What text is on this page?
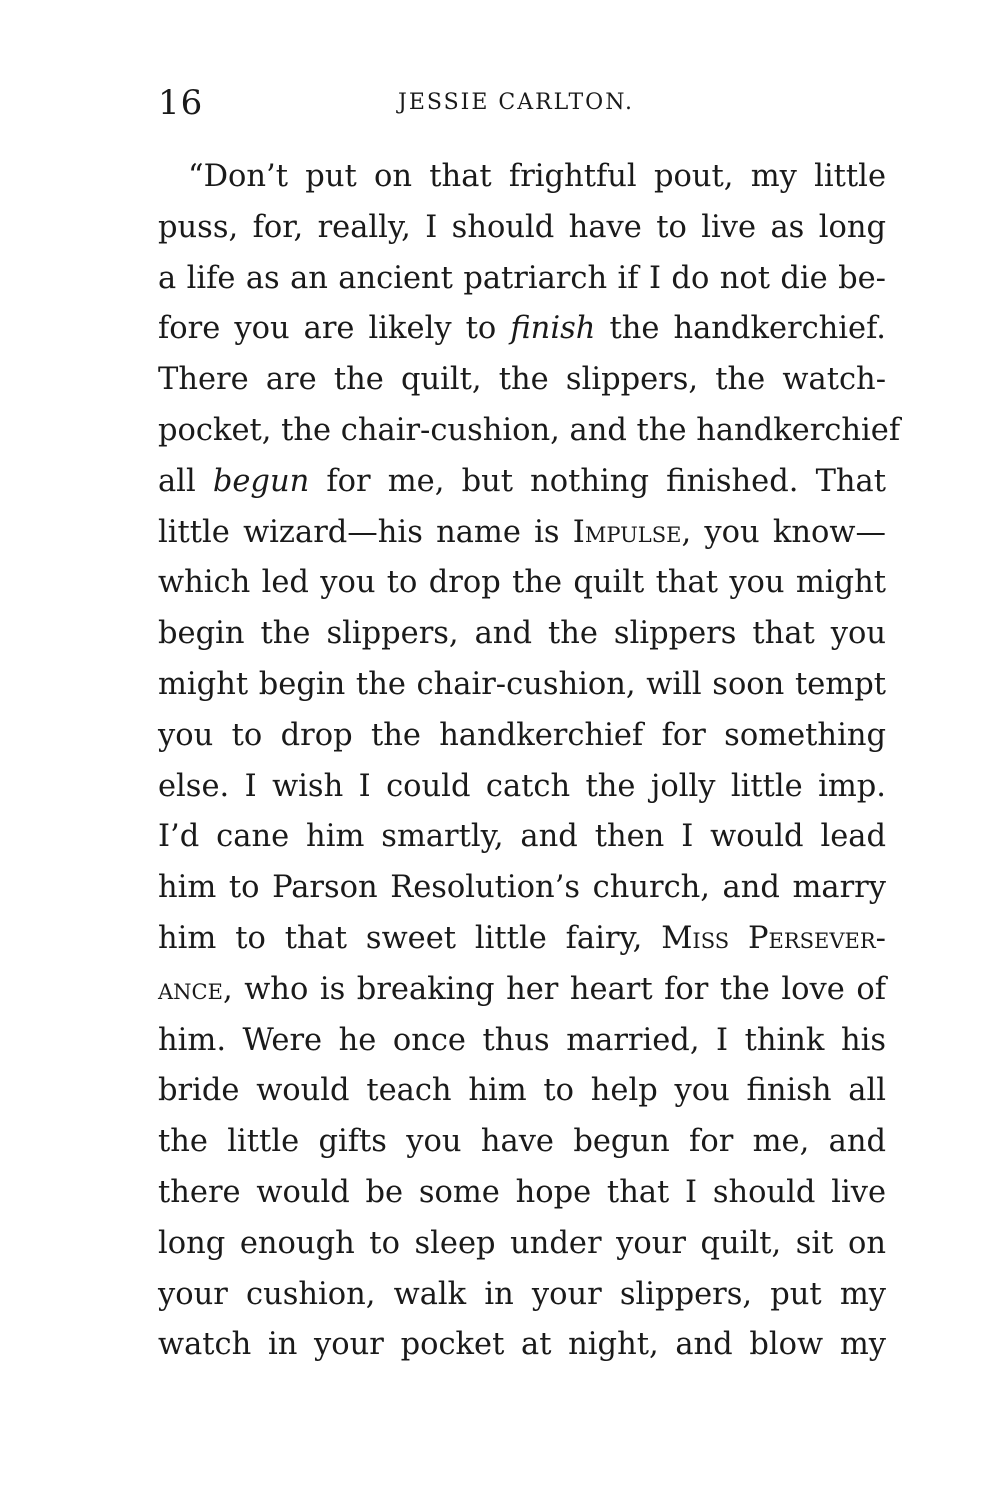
16	JESSIE CARLTON.
“Don’t put on that frightful pout, my little
puss, for, really, I should have to live as long
a life as an ancient patriarch if I do not die be-
fore you are likely to finish the handkerchief.
There are the quilt, the slippers, the watch-
pocket, the chair-cushion, and the handkerchief
all begun for me, but nothing finished. That
little wizard—his name is Impulse, you know—
which led you to drop the quilt that you might
begin the slippers, and the slippers that you
might begin the chair-cushion, will soon tempt
you to drop the handkerchief for something
else. I wish I could catch the jolly little imp.
I’d cane him smartly, and then I would lead
him to Parson Resolution’s church, and marry
him to that sweet little fairy, Miss Persever-
ance, who is breaking her heart for the love of
him. Were he once thus married, I think his
bride would teach him to help you finish all
the little gifts you have begun for me, and
there would be some hope that I should live
long enough to sleep under your quilt, sit on
your cushion, walk in your slippers, put my
watch in your pocket at night, and blow my
